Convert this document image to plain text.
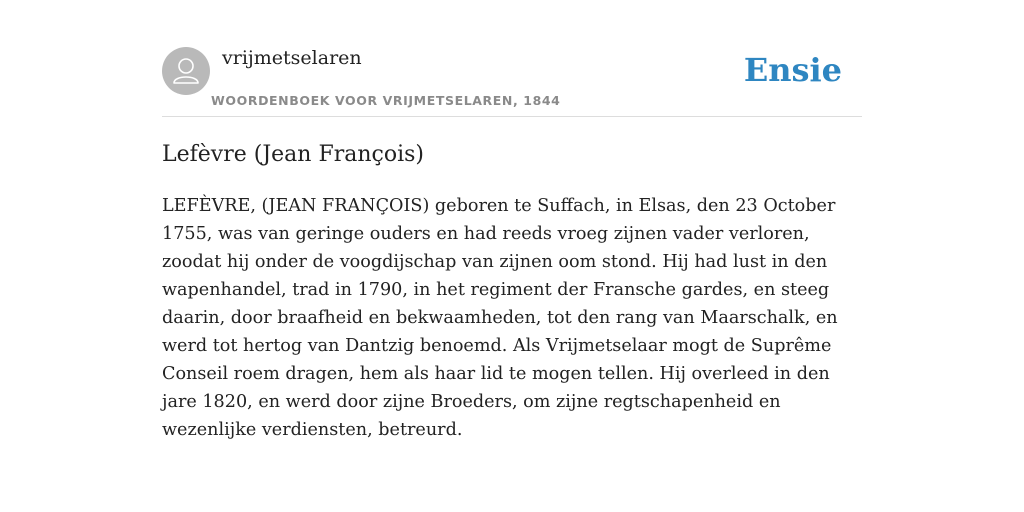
vrijmetselaren
WOORDENBOEK VOOR VRIJMETSELAREN, 1844
Ensie
Lefèvre (Jean François)

LEFÈVRE, (JEAN FRANÇOIS) geboren te Suffach, in Elsas, den 23 October 1755, was van geringe ouders en had reeds vroeg zijnen vader verloren, zoodat hij onder de voogdijschap van zijnen oom stond. Hij had lust in den wapenhandel, trad in 1790, in het regiment der Fransche gardes, en steeg daarin, door braafheid en bekwaamheden, tot den rang van Maarschalk, en werd tot hertog van Dantzig benoemd. Als Vrijmetselaar mogt de Suprême Conseil roem dragen, hem als haar lid te mogen tellen. Hij overleed in den jare 1820, en werd door zijne Broeders, om zijne regtschapenheid en wezenlijke verdiensten, betreurd.
